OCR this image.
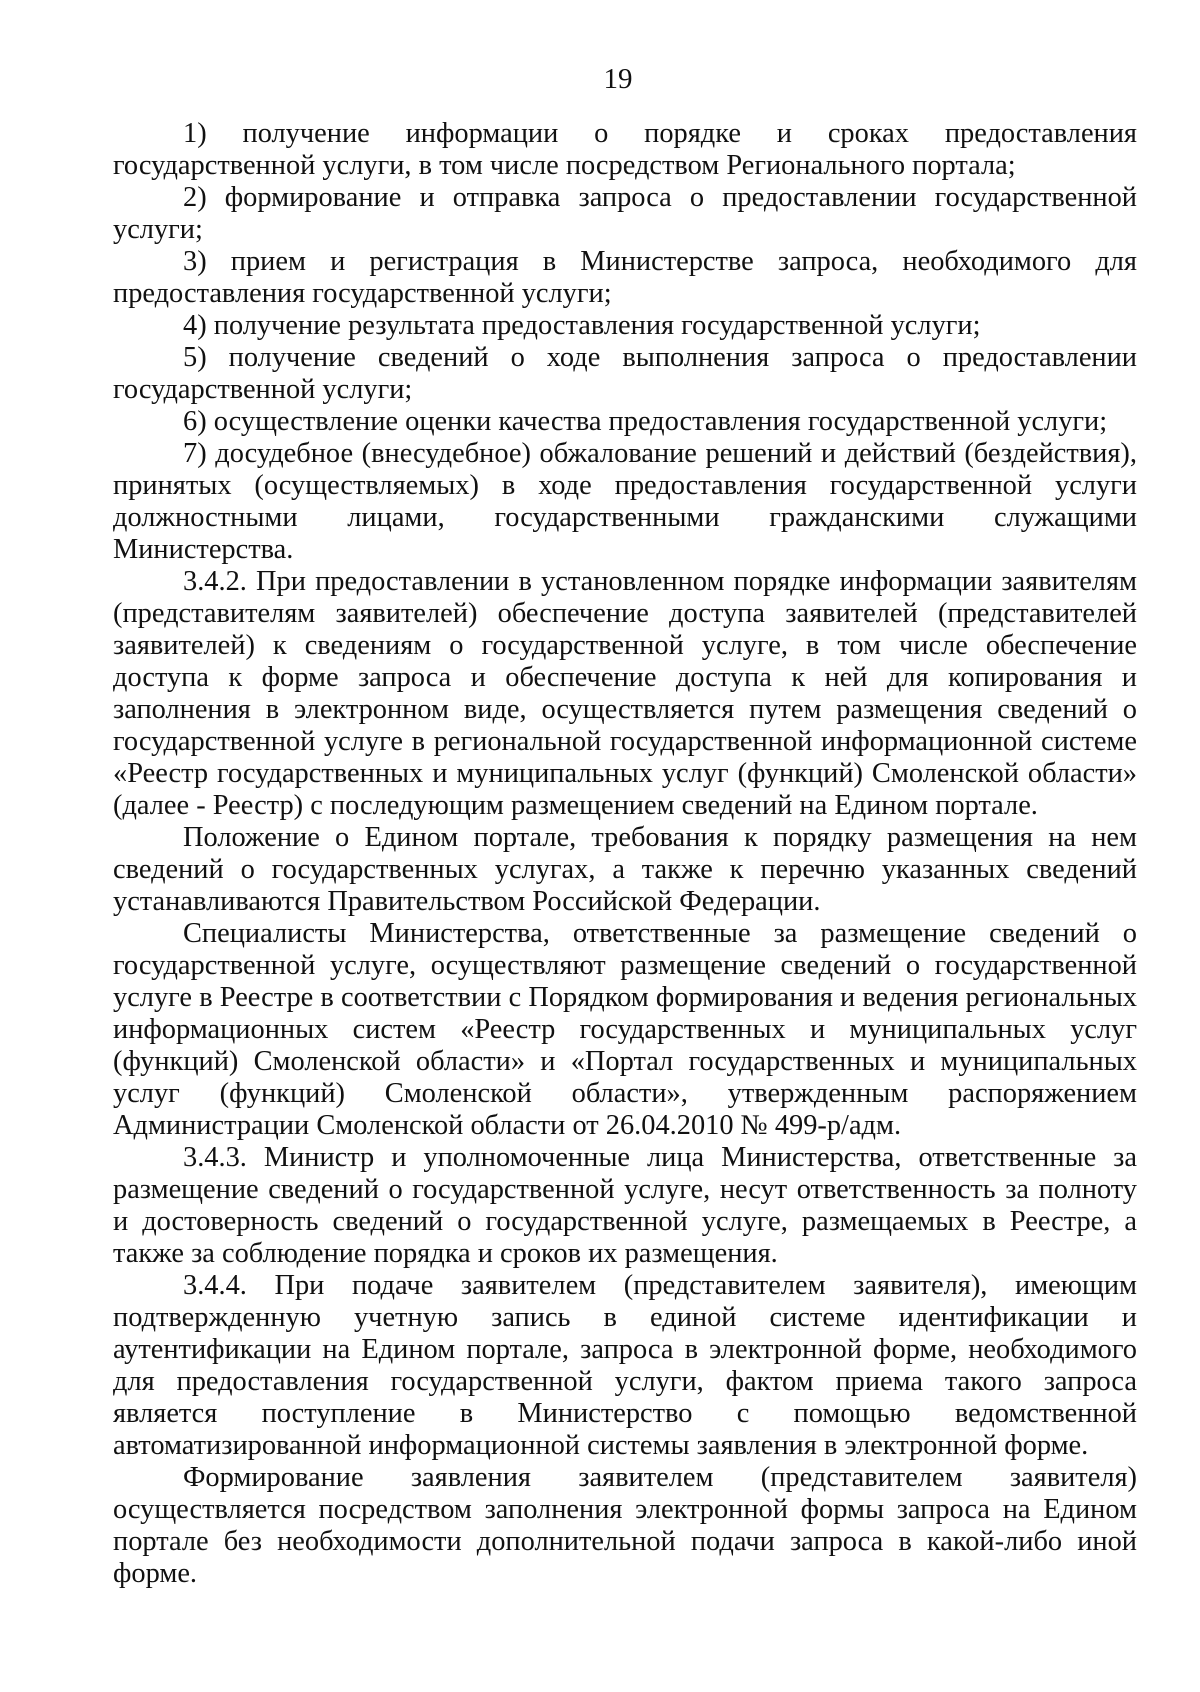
19

1) получение информации о порядке и сроках предоставления государственной услуги, в том числе посредством Регионального портала;

2) формирование и отправка запроса о предоставлении государственной услуги;

3) прием и регистрация в Министерстве запроса, необходимого для предоставления государственной услуги;

4) получение результата предоставления государственной услуги;

5) получение сведений о ходе выполнения запроса о предоставлении государственной услуги;

6) осуществление оценки качества предоставления государственной услуги;

7) досудебное (внесудебное) обжалование решений и действий (бездействия), принятых (осуществляемых) в ходе предоставления государственной услуги должностными лицами, государственными гражданскими служащими Министерства.

3.4.2. При предоставлении в установленном порядке информации заявителям (представителям заявителей) обеспечение доступа заявителей (представителей заявителей) к сведениям о государственной услуге, в том числе обеспечение доступа к форме запроса и обеспечение доступа к ней для копирования и заполнения в электронном виде, осуществляется путем размещения сведений о государственной услуге в региональной государственной информационной системе «Реестр государственных и муниципальных услуг (функций) Смоленской области» (далее - Реестр) с последующим размещением сведений на Едином портале.

Положение о Едином портале, требования к порядку размещения на нем сведений о государственных услугах, а также к перечню указанных сведений устанавливаются Правительством Российской Федерации.

Специалисты Министерства, ответственные за размещение сведений о государственной услуге, осуществляют размещение сведений о государственной услуге в Реестре в соответствии с Порядком формирования и ведения региональных информационных систем «Реестр государственных и муниципальных услуг (функций) Смоленской области» и «Портал государственных и муниципальных услуг (функций) Смоленской области», утвержденным распоряжением Администрации Смоленской области от 26.04.2010 № 499-р/адм.

3.4.3. Министр и уполномоченные лица Министерства, ответственные за размещение сведений о государственной услуге, несут ответственность за полноту и достоверность сведений о государственной услуге, размещаемых в Реестре, а также за соблюдение порядка и сроков их размещения.

3.4.4. При подаче заявителем (представителем заявителя), имеющим подтвержденную учетную запись в единой системе идентификации и аутентификации на Едином портале, запроса в электронной форме, необходимого для предоставления государственной услуги, фактом приема такого запроса является поступление в Министерство с помощью ведомственной автоматизированной информационной системы заявления в электронной форме.

Формирование заявления заявителем (представителем заявителя) осуществляется посредством заполнения электронной формы запроса на Едином портале без необходимости дополнительной подачи запроса в какой-либо иной форме.
